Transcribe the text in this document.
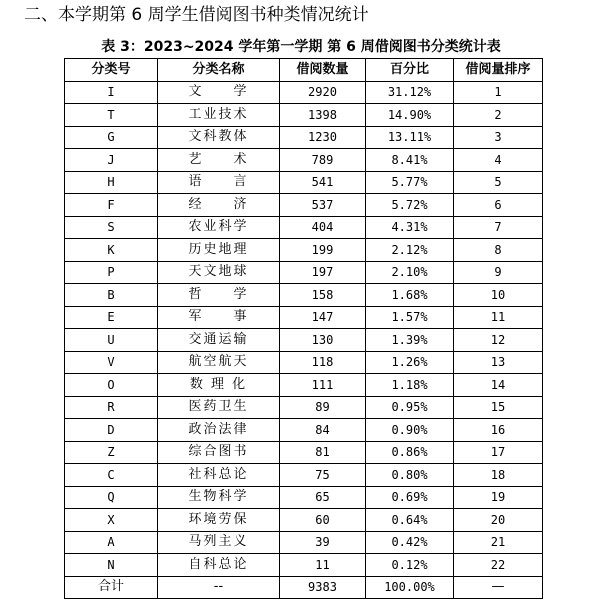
二、本学期第 6 周学生借阅图书种类情况统计
表 3：2023~2024 学年第一学期 第 6 周借阅图书分类统计表
分类号	分类名称	借阅数量	百分比	借阅量排序
I	文　　学	2920	31.12%	1
T	工业技术	1398	14.90%	2
G	文科教体	1230	13.11%	3
J	艺　　术	789	8.41%	4
H	语　　言	541	5.77%	5
F	经　　济	537	5.72%	6
S	农业科学	404	4.31%	7
K	历史地理	199	2.12%	8
P	天文地球	197	2.10%	9
B	哲　　学	158	1.68%	10
E	军　　事	147	1.57%	11
U	交通运输	130	1.39%	12
V	航空航天	118	1.26%	13
O	数 理 化	111	1.18%	14
R	医药卫生	89	0.95%	15
D	政治法律	84	0.90%	16
Z	综合图书	81	0.86%	17
C	社科总论	75	0.80%	18
Q	生物科学	65	0.69%	19
X	环境劳保	60	0.64%	20
A	马列主义	39	0.42%	21
N	自科总论	11	0.12%	22
合计	--	9383	100.00%	—
